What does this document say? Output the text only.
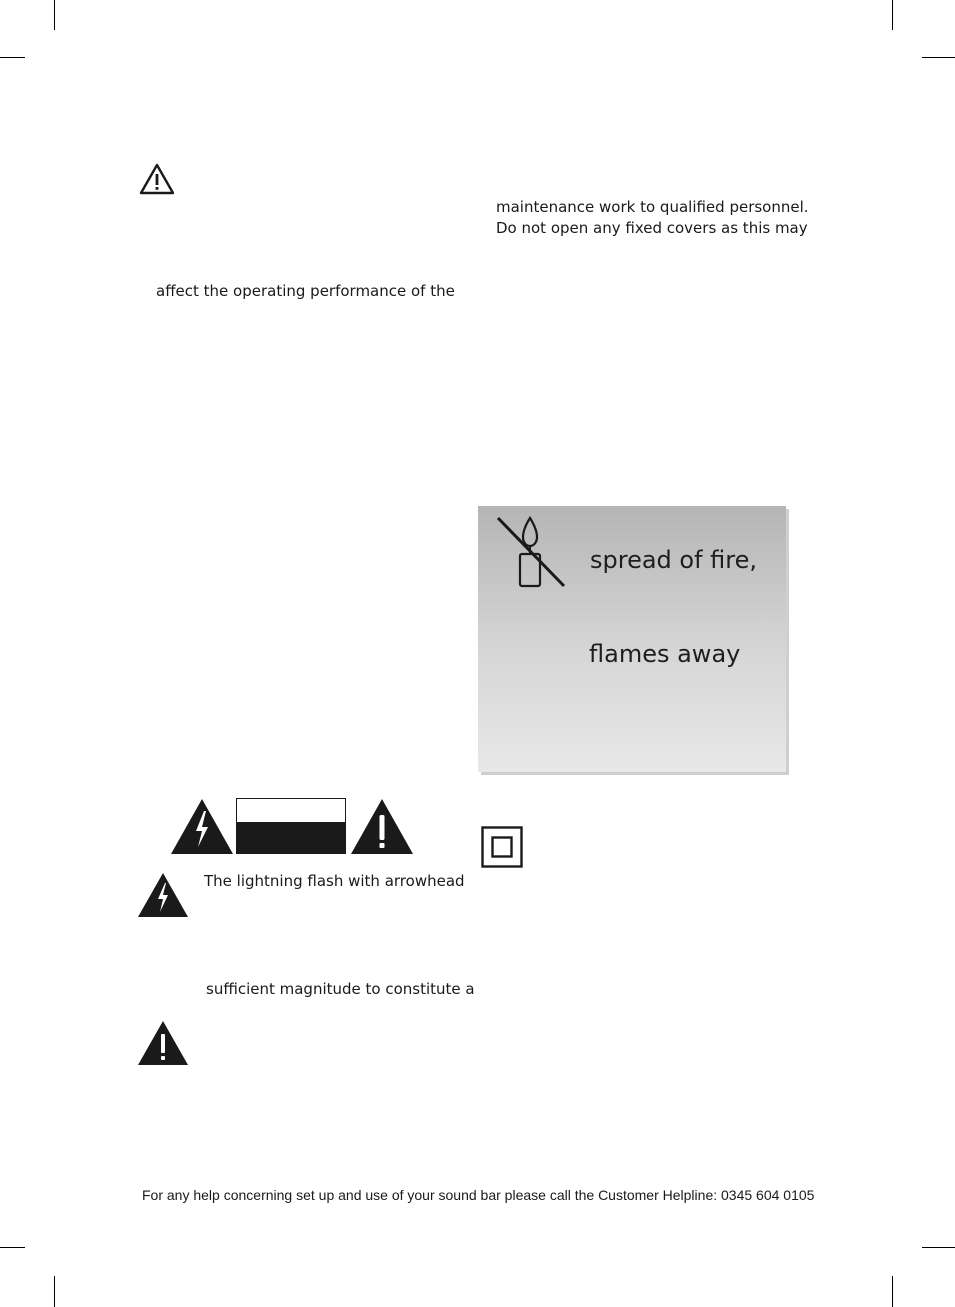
affect the operating performance of the
maintenance work to qualified personnel.
Do not open any fixed covers as this may
spread of fire,
flames away
The lightning flash with arrowhead
sufficient magnitude to constitute a
For any help concerning set up and use of your sound bar please call the Customer Helpline: 0345 604 0105
